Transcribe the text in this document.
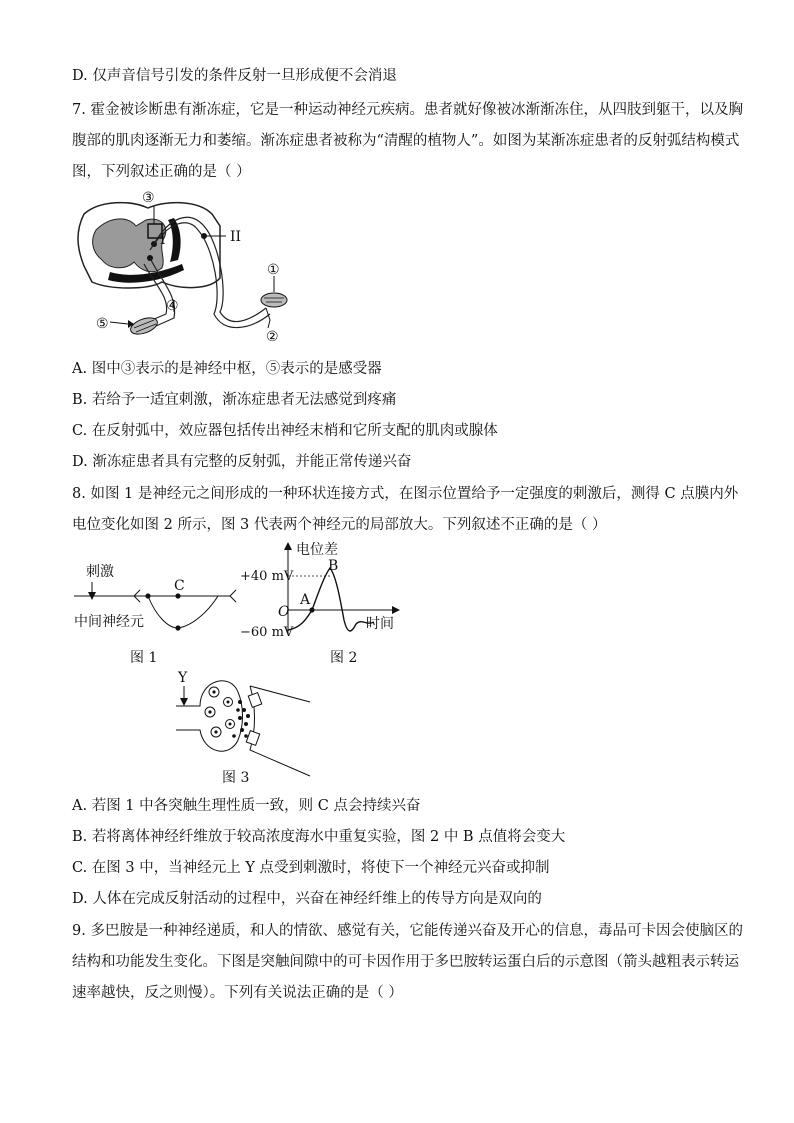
D. 仅声音信号引发的条件反射一旦形成便不会消退
7. 霍金被诊断患有渐冻症，它是一种运动神经元疾病。患者就好像被冰渐渐冻住，从四肢到躯干，以及胸
腹部的肌肉逐渐无力和萎缩。渐冻症患者被称为“清醒的植物人”。如图为某渐冻症患者的反射弧结构模式
图，下列叙述正确的是（ ）
③
I	II
①
②
④
⑤
A. 图中③表示的是神经中枢，⑤表示的是感受器
B. 若给予一适宜刺激，渐冻症患者无法感觉到疼痛
C. 在反射弧中，效应器包括传出神经末梢和它所支配的肌肉或腺体
D. 渐冻症患者具有完整的反射弧，并能正常传递兴奋
8. 如图 1 是神经元之间形成的一种环状连接方式，在图示位置给予一定强度的刺激后，测得 C 点膜内外
电位变化如图 2 所示，图 3 代表两个神经元的局部放大。下列叙述不正确的是（ ）
刺激
C
中间神经元
图 1
电位差
+40 mV
O
−60 mV
A
B
时间
图 2
Y
图 3
A. 若图 1 中各突触生理性质一致，则 C 点会持续兴奋
B. 若将离体神经纤维放于较高浓度海水中重复实验，图 2 中 B 点值将会变大
C. 在图 3 中，当神经元上 Y 点受到刺激时，将使下一个神经元兴奋或抑制
D. 人体在完成反射活动的过程中，兴奋在神经纤维上的传导方向是双向的
9. 多巴胺是一种神经递质，和人的情欲、感觉有关，它能传递兴奋及开心的信息，毒品可卡因会使脑区的
结构和功能发生变化。下图是突触间隙中的可卡因作用于多巴胺转运蛋白后的示意图（箭头越粗表示转运
速率越快，反之则慢）。下列有关说法正确的是（ ）
